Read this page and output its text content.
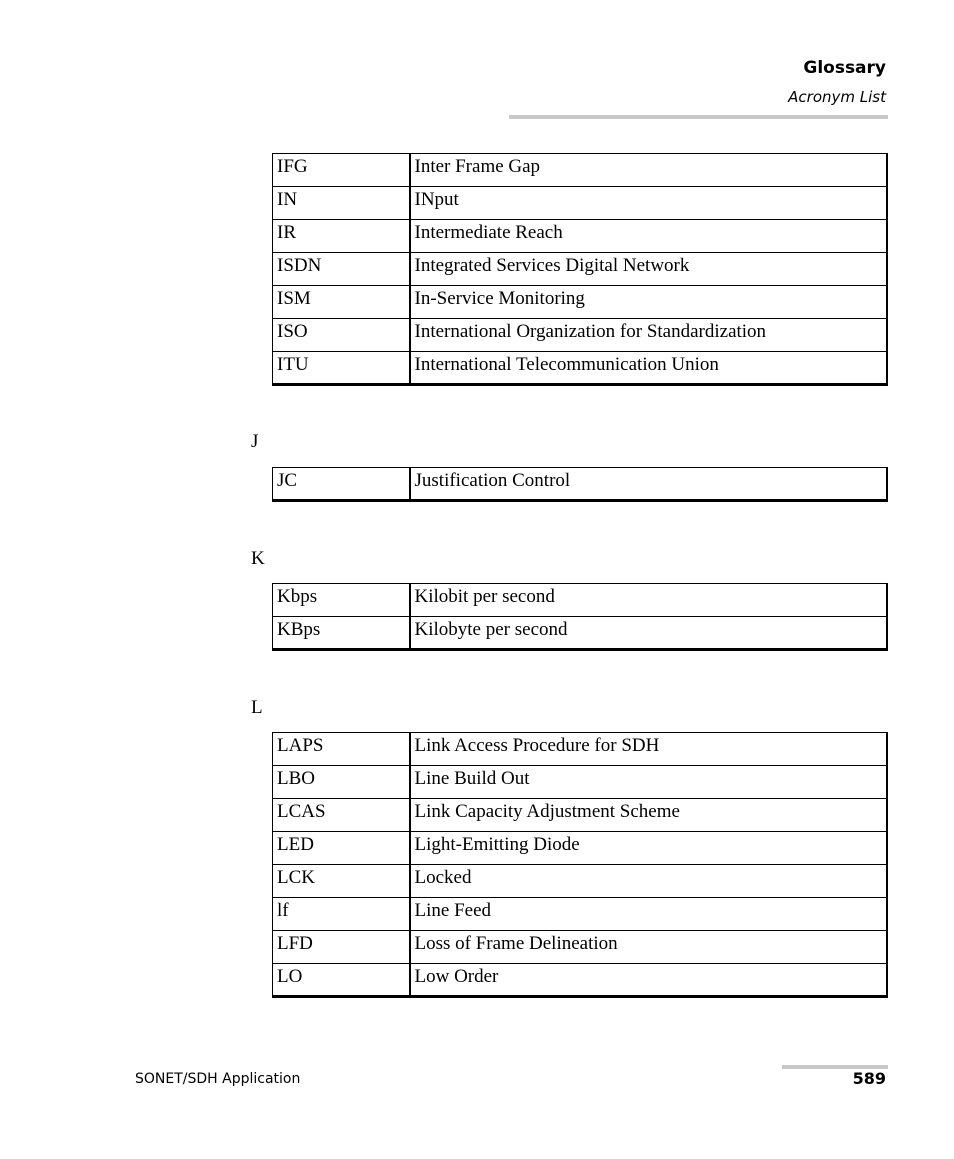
Glossary
Acronym List
IFG	Inter Frame Gap
IN	INput
IR	Intermediate Reach
ISDN	Integrated Services Digital Network
ISM	In-Service Monitoring
ISO	International Organization for Standardization
ITU	International Telecommunication Union
J
JC	Justification Control
K
Kbps	Kilobit per second
KBps	Kilobyte per second
L
LAPS	Link Access Procedure for SDH
LBO	Line Build Out
LCAS	Link Capacity Adjustment Scheme
LED	Light-Emitting Diode
LCK	Locked
lf	Line Feed
LFD	Loss of Frame Delineation
LO	Low Order
SONET/SDH Application	589
